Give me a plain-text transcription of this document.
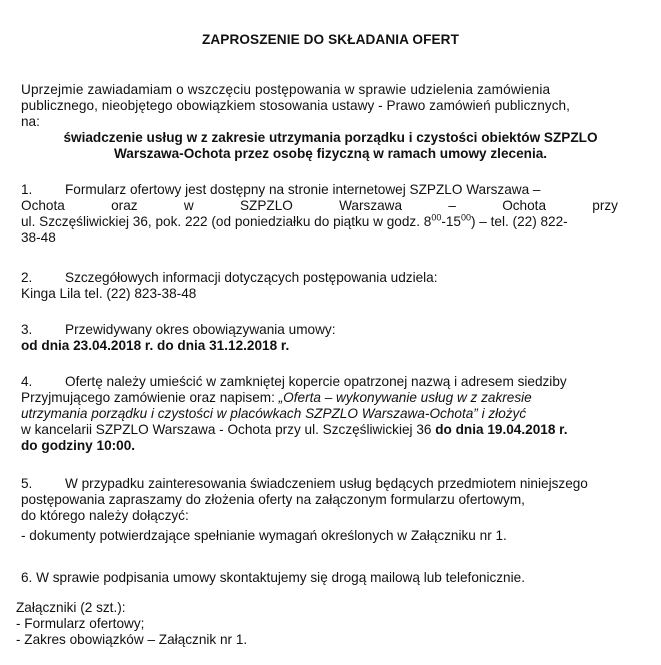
ZAPROSZENIE DO SKŁADANIA OFERT
Uprzejmie zawiadamiam o wszczęciu postępowania w sprawie udzielenia zamówienia
publicznego, nieobjętego obowiązkiem stosowania ustawy - Prawo zamówień publicznych,
na:
świadczenie usług w z zakresie utrzymania porządku i czystości obiektów SZPZLO
Warszawa-Ochota przez osobę fizyczną w ramach umowy zlecenia.
1. Formularz ofertowy jest dostępny na stronie internetowej SZPZLO Warszawa –
Ochota	oraz	w	SZPZLO	Warszawa	–	Ochota	przy
ul. Szczęśliwickiej 36, pok. 222 (od poniedziałku do piątku w godz. $8^{00}-15^{00}$) – tel. (22) 822-
38-48
2. Szczegółowych informacji dotyczących postępowania udziela:
Kinga Lila tel. (22) 823-38-48
3. Przewidywany okres obowiązywania umowy:
od dnia 23.04.2018 r. do dnia 31.12.2018 r.
4. Ofertę należy umieścić w zamkniętej kopercie opatrzonej nazwą i adresem siedziby
Przyjmującego zamówienie oraz napisem: „Oferta – wykonywanie usług w z zakresie
utrzymania porządku i czystości w placówkach SZPZLO Warszawa-Ochota” i złożyć
w kancelarii SZPZLO Warszawa - Ochota przy ul. Szczęśliwickiej 36 do dnia 19.04.2018 r.
do godziny 10:00.
5. W przypadku zainteresowania świadczeniem usług będących przedmiotem niniejszego
postępowania zapraszamy do złożenia oferty na załączonym formularzu ofertowym,
do którego należy dołączyć:
- dokumenty potwierdzające spełnianie wymagań określonych w Załączniku nr 1.
6. W sprawie podpisania umowy skontaktujemy się drogą mailową lub telefonicznie.
Załączniki (2 szt.):
- Formularz ofertowy;
- Zakres obowiązków – Załącznik nr 1.
